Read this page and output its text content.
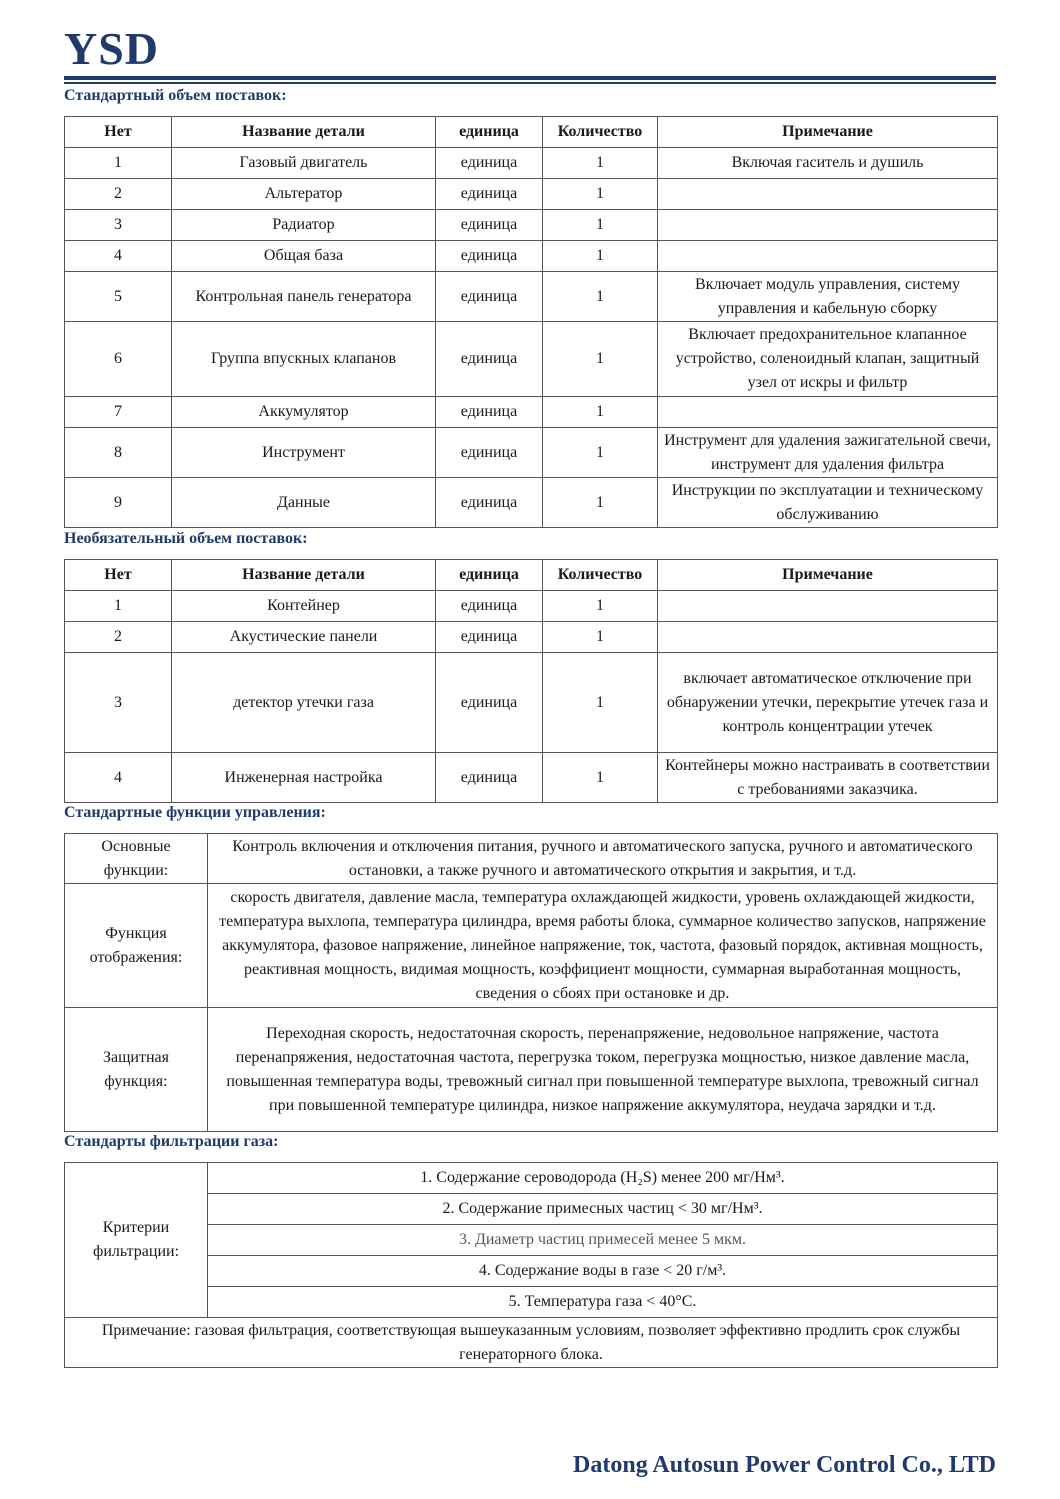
YSD
Стандартный объем поставок:
Нет	Название детали	единица	Количество	Примечание
1	Газовый двигатель	единица	1	Включая гаситель и душиль
2	Альтератор	единица	1	
3	Радиатор	единица	1	
4	Общая база	единица	1	
5	Контрольная панель генератора	единица	1	Включает модуль управления, систему управления и кабельную сборку
6	Группа впускных клапанов	единица	1	Включает предохранительное клапанное устройство, соленоидный клапан, защитный узел от искры и фильтр
7	Аккумулятор	единица	1	
8	Инструмент	единица	1	Инструмент для удаления зажигательной свечи, инструмент для удаления фильтра
9	Данные	единица	1	Инструкции по эксплуатации и техническому обслуживанию
Необязательный объем поставок:
Нет	Название детали	единица	Количество	Примечание
1	Контейнер	единица	1	
2	Акустические панели	единица	1	
3	детектор утечки газа	единица	1	включает автоматическое отключение при обнаружении утечки, перекрытие утечек газа и контроль концентрации утечек
4	Инженерная настройка	единица	1	Контейнеры можно настраивать в соответствии с требованиями заказчика.
Стандартные функции управления:
Основные функции:	Контроль включения и отключения питания, ручного и автоматического запуска, ручного и автоматического остановки, а также ручного и автоматического открытия и закрытия, и т.д.
Функция отображения:	скорость двигателя, давление масла, температура охлаждающей жидкости, уровень охлаждающей жидкости, температура выхлопа, температура цилиндра, время работы блока, суммарное количество запусков, напряжение аккумулятора, фазовое напряжение, линейное напряжение, ток, частота, фазовый порядок, активная мощность, реактивная мощность, видимая мощность, коэффициент мощности, суммарная выработанная мощность, сведения о сбоях при остановке и др.
Защитная функция:	Переходная скорость, недостаточная скорость, перенапряжение, недовольное напряжение, частота перенапряжения, недостаточная частота, перегрузка током, перегрузка мощностью, низкое давление масла, повышенная температура воды, тревожный сигнал при повышенной температуре выхлопа, тревожный сигнал при повышенной температуре цилиндра, низкое напряжение аккумулятора, неудача зарядки и т.д.
Стандарты фильтрации газа:
Критерии фильтрации:	1. Содержание сероводорода (H₂S) менее 200 мг/Нм³.
2. Содержание примесных частиц < 30 мг/Нм³.
3. Диаметр частиц примесей менее 5 мкм.
4. Содержание воды в газе < 20 г/м³.
5. Температура газа < 40°C.
Примечание: газовая фильтрация, соответствующая вышеуказанным условиям, позволяет эффективно продлить срок службы генераторного блока.
Datong Autosun Power Control Co., LTD
